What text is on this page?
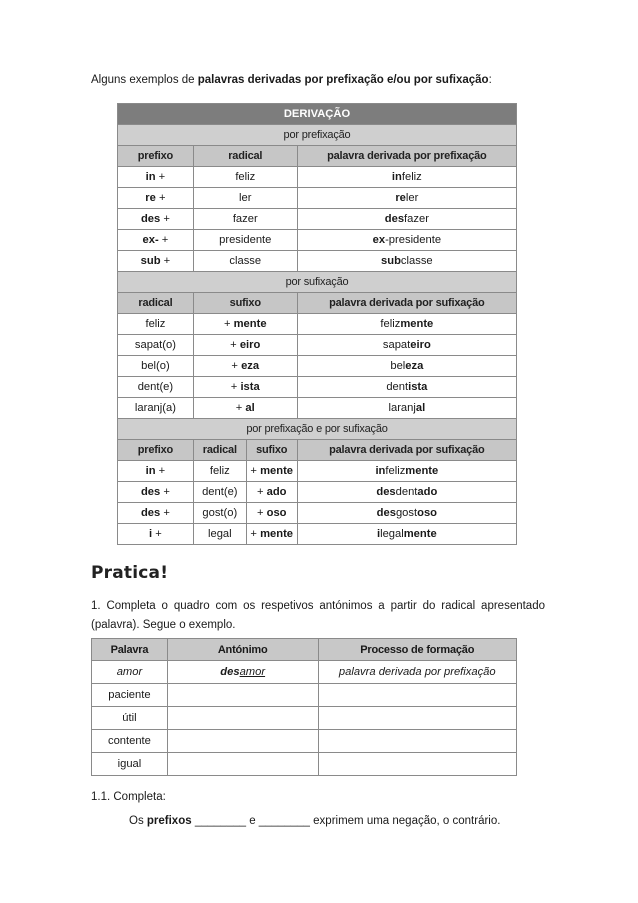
Alguns exemplos de palavras derivadas por prefixação e/ou por sufixação:
DERIVAÇÃO			
por prefixação			
prefixo	radical		palavra derivada por prefixação
in +	feliz		infeliz
re +	ler		reler
des +	fazer		desfazer
ex- +	presidente		ex-presidente
sub +	classe		subclasse
por sufixação			
radical	sufixo		palavra derivada por sufixação
feliz	+ mente		felizmente
sapat(o)	+ eiro		sapateiro
bel(o)	+ eza		beleza
dent(e)	+ ista		dentista
laranj(a)	+ al		laranjal
por prefixação e por sufixação			
prefixo	radical	sufixo	palavra derivada por sufixação
in +	feliz	+ mente	infelizmente
des +	dent(e)	+ ado	desdentado
des +	gost(o)	+ oso	desgostoso
i +	legal	+ mente	ilegalmente
Pratica!
1. Completa o quadro com os respetivos antónimos a partir do radical apresentado (palavra). Segue o exemplo.
Palavra	Antónimo	Processo de formação
amor	desamor	palavra derivada por prefixação
paciente		
útil		
contente		
igual		
1.1. Completa:
Os prefixos ________ e ________ exprimem uma negação, o contrário.
